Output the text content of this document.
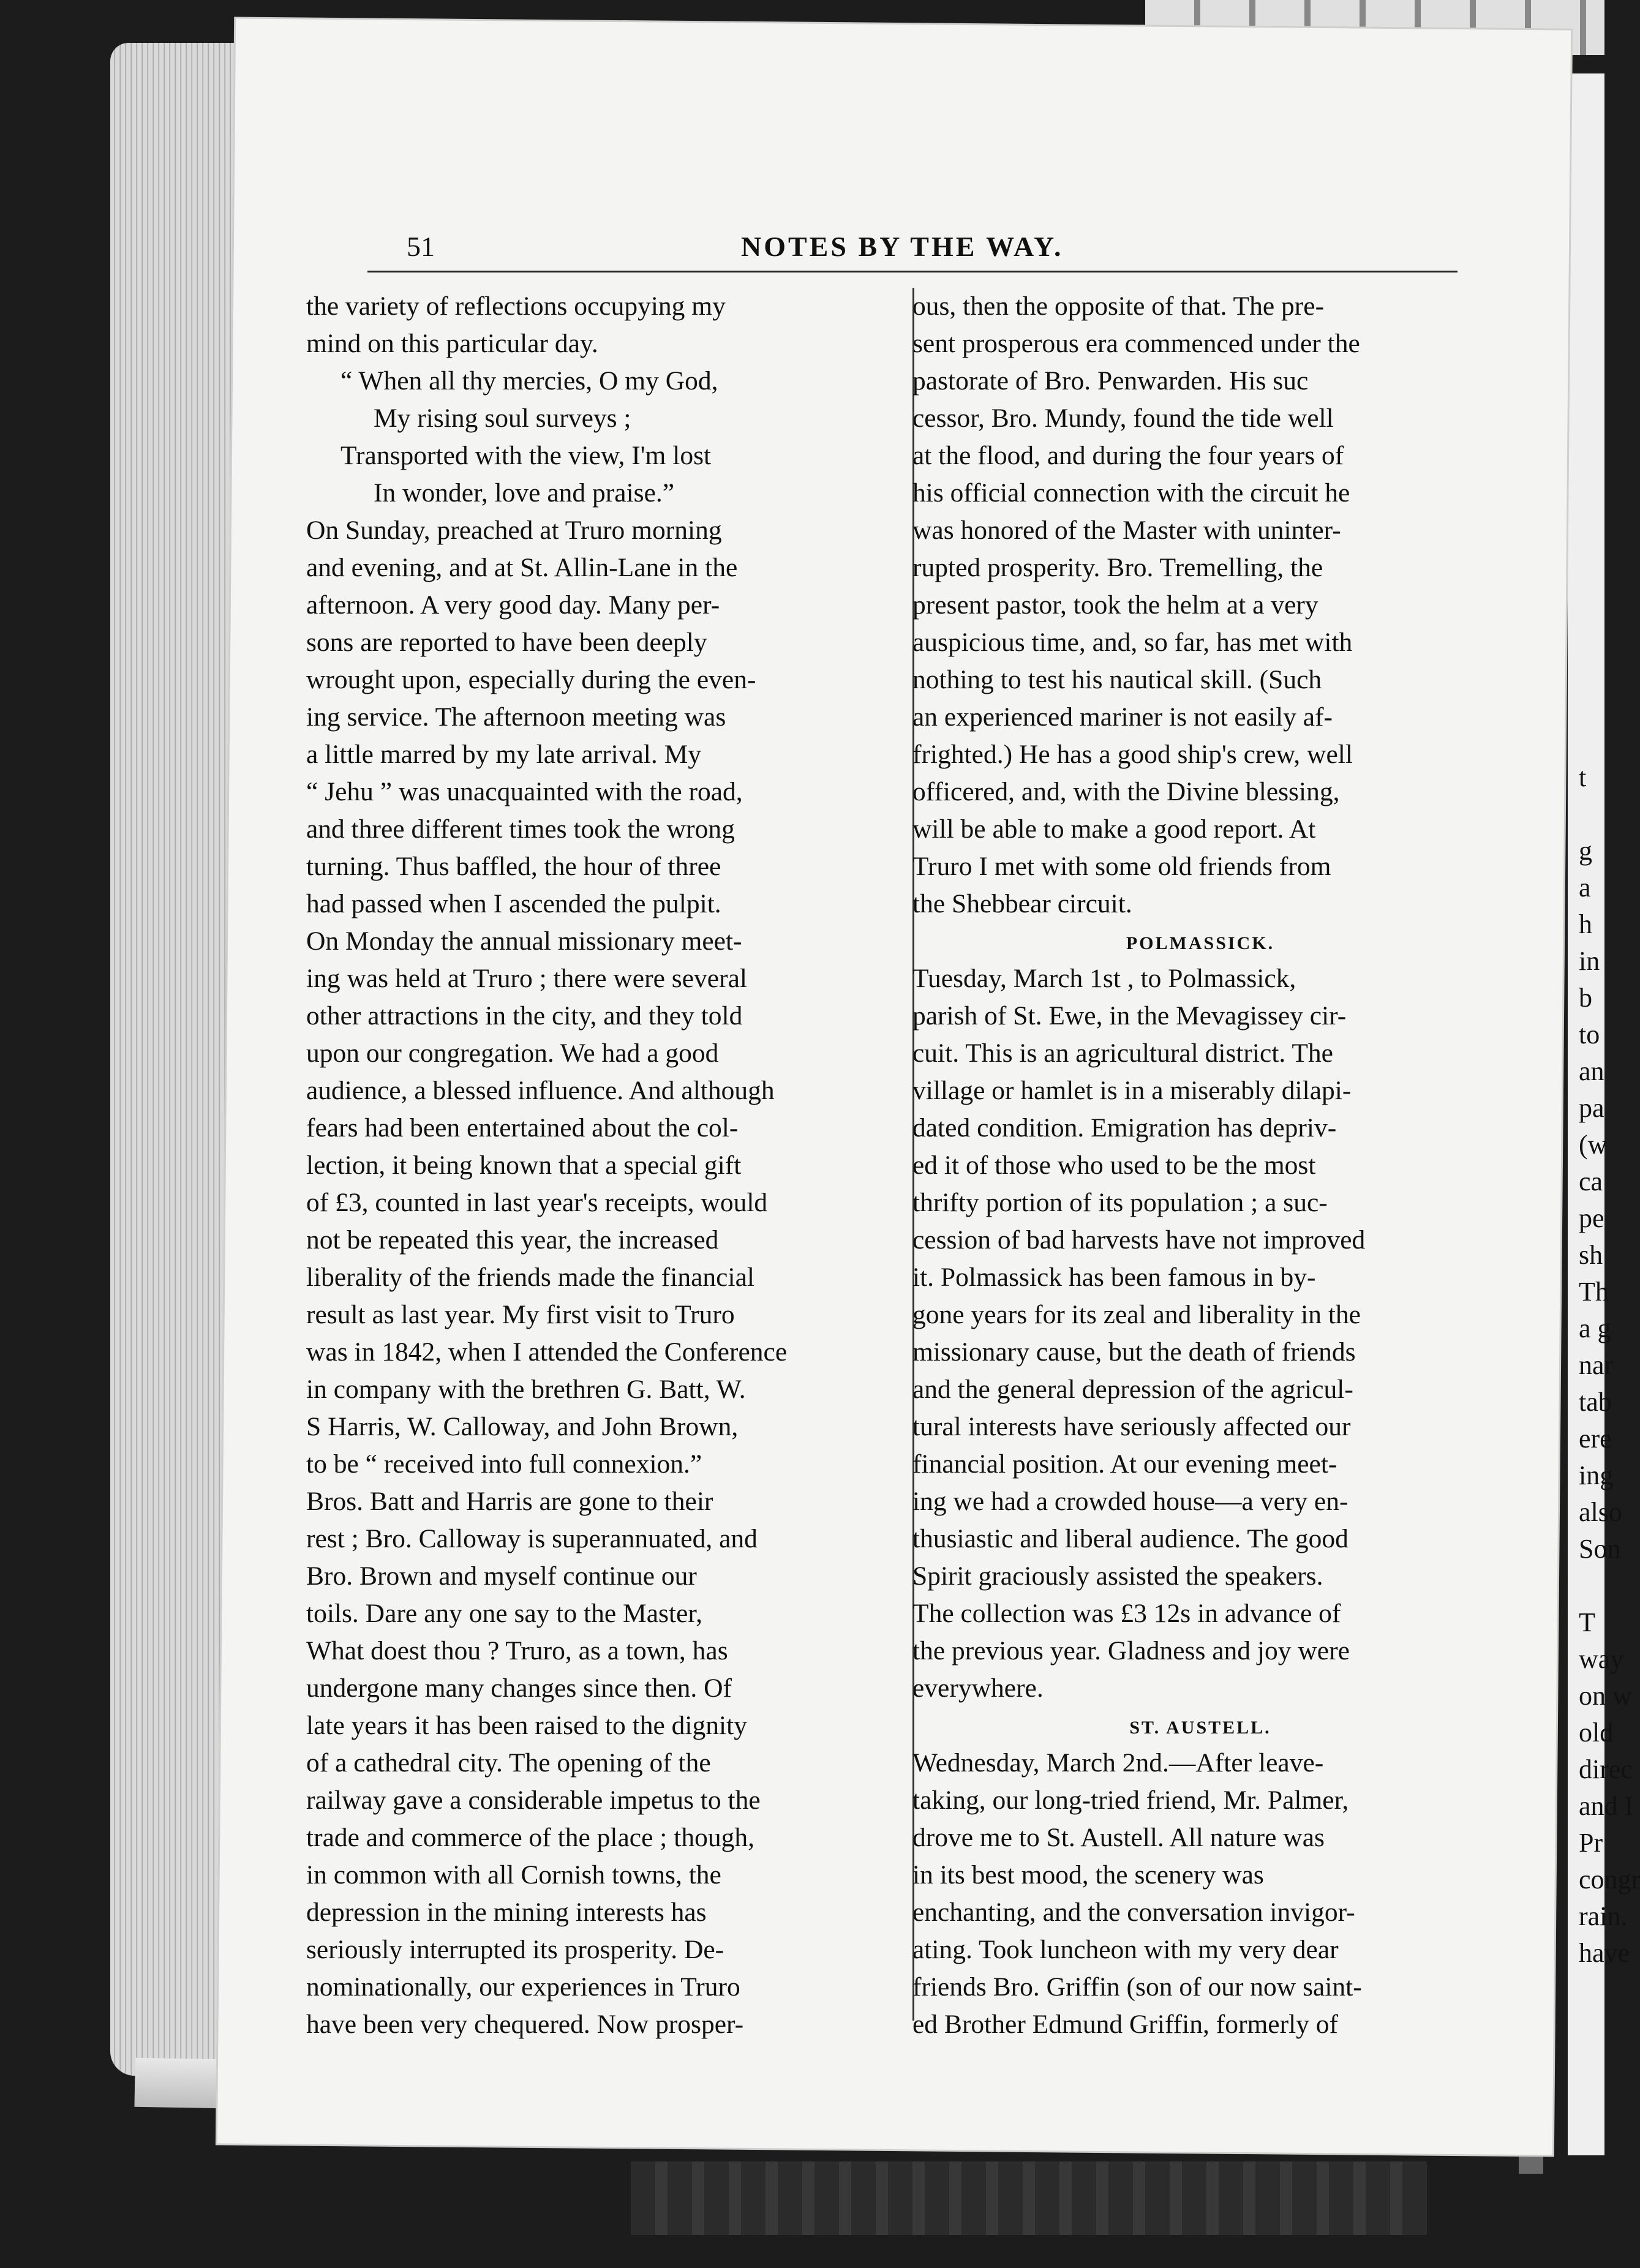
51	NOTES BY THE WAY.
the variety of reflections occupying my
mind on this particular day.
“ When all thy mercies, O my God,
My rising soul surveys ;
Transported with the view, I'm lost
In wonder, love and praise.”
On Sunday, preached at Truro morning
and evening, and at St. Allin-Lane in the
afternoon. A very good day. Many per-
sons are reported to have been deeply
wrought upon, especially during the even-
ing service. The afternoon meeting was
a little marred by my late arrival. My
“ Jehu ” was unacquainted with the road,
and three different times took the wrong
turning. Thus baffled, the hour of three
had passed when I ascended the pulpit.
On Monday the annual missionary meet-
ing was held at Truro ; there were several
other attractions in the city, and they told
upon our congregation. We had a good
audience, a blessed influence. And although
fears had been entertained about the col-
lection, it being known that a special gift
of £3, counted in last year's receipts, would
not be repeated this year, the increased
liberality of the friends made the financial
result as last year. My first visit to Truro
was in 1842, when I attended the Conference
in company with the brethren G. Batt, W.
S Harris, W. Calloway, and John Brown,
to be “ received into full connexion.”
Bros. Batt and Harris are gone to their
rest ; Bro. Calloway is superannuated, and
Bro. Brown and myself continue our
toils. Dare any one say to the Master,
What doest thou ? Truro, as a town, has
undergone many changes since then. Of
late years it has been raised to the dignity
of a cathedral city. The opening of the
railway gave a considerable impetus to the
trade and commerce of the place ; though,
in common with all Cornish towns, the
depression in the mining interests has
seriously interrupted its prosperity. De-
nominationally, our experiences in Truro
have been very chequered. Now prosper-
ous, then the opposite of that. The pre-
sent prosperous era commenced under the
pastorate of Bro. Penwarden. His suc
cessor, Bro. Mundy, found the tide well
at the flood, and during the four years of
his official connection with the circuit he
was honored of the Master with uninter-
rupted prosperity. Bro. Tremelling, the
present pastor, took the helm at a very
auspicious time, and, so far, has met with
nothing to test his nautical skill. (Such
an experienced mariner is not easily af-
frighted.) He has a good ship's crew, well
officered, and, with the Divine blessing,
will be able to make a good report. At
Truro I met with some old friends from
the Shebbear circuit.
POLMASSICK.
Tuesday, March 1st , to Polmassick,
parish of St. Ewe, in the Mevagissey cir-
cuit. This is an agricultural district. The
village or hamlet is in a miserably dilapi-
dated condition. Emigration has depriv-
ed it of those who used to be the most
thrifty portion of its population ; a suc-
cession of bad harvests have not improved
it. Polmassick has been famous in by-
gone years for its zeal and liberality in the
missionary cause, but the death of friends
and the general depression of the agricul-
tural interests have seriously affected our
financial position. At our evening meet-
ing we had a crowded house—a very en-
thusiastic and liberal audience. The good
Spirit graciously assisted the speakers.
The collection was £3 12s in advance of
the previous year. Gladness and joy were
everywhere.
ST. AUSTELL.
Wednesday, March 2nd.—After leave-
taking, our long-tried friend, Mr. Palmer,
drove me to St. Austell. All nature was
in its best mood, the scenery was
enchanting, and the conversation invigor-
ating. Took luncheon with my very dear
friends Bro. Griffin (son of our now saint-
ed Brother Edmund Griffin, formerly of
t
g
a
h
in
b
to
an
pa
(w
ca
pe
sh
Th
a g
nar
tab
ere
ing
also
Son
T
way
on w
old
direc
and I
Pr
congr
rain.
have
